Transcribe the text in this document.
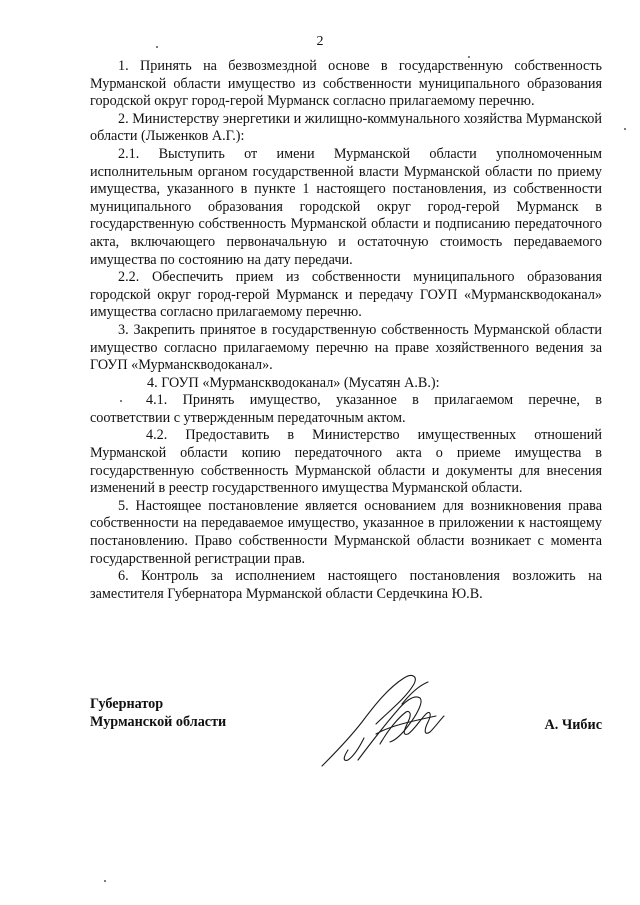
2

1. Принять на безвозмездной основе в государственную собственность Мурманской области имущество из собственности муниципального образования городской округ город-герой Мурманск согласно прилагаемому перечню.

2. Министерству энергетики и жилищно-коммунального хозяйства Мурманской области (Лыженков А.Г.):

2.1. Выступить от имени Мурманской области уполномоченным исполнительным органом государственной власти Мурманской области по приему имущества, указанного в пункте 1 настоящего постановления, из собственности муниципального образования городской округ город-герой Мурманск в государственную собственность Мурманской области и подписанию передаточного акта, включающего первоначальную и остаточную стоимость передаваемого имущества по состоянию на дату передачи.

2.2. Обеспечить прием из собственности муниципального образования городской округ город-герой Мурманск и передачу ГОУП «Мурманскводоканал» имущества согласно прилагаемому перечню.

3. Закрепить принятое в государственную собственность Мурманской области имущество согласно прилагаемому перечню на праве хозяйственного ведения за ГОУП «Мурманскводоканал».

4. ГОУП «Мурманскводоканал» (Мусатян А.В.):

4.1. Принять имущество, указанное в прилагаемом перечне, в соответствии с утвержденным передаточным актом.

4.2. Предоставить в Министерство имущественных отношений Мурманской области копию передаточного акта о приеме имущества в государственную собственность Мурманской области и документы для внесения изменений в реестр государственного имущества Мурманской области.

5. Настоящее постановление является основанием для возникновения права собственности на передаваемое имущество, указанное в приложении к настоящему постановлению. Право собственности Мурманской области возникает с момента государственной регистрации прав.

6. Контроль за исполнением настоящего постановления возложить на заместителя Губернатора Мурманской области Сердечкина Ю.В.

Губернатор
Мурманской области	А. Чибис
